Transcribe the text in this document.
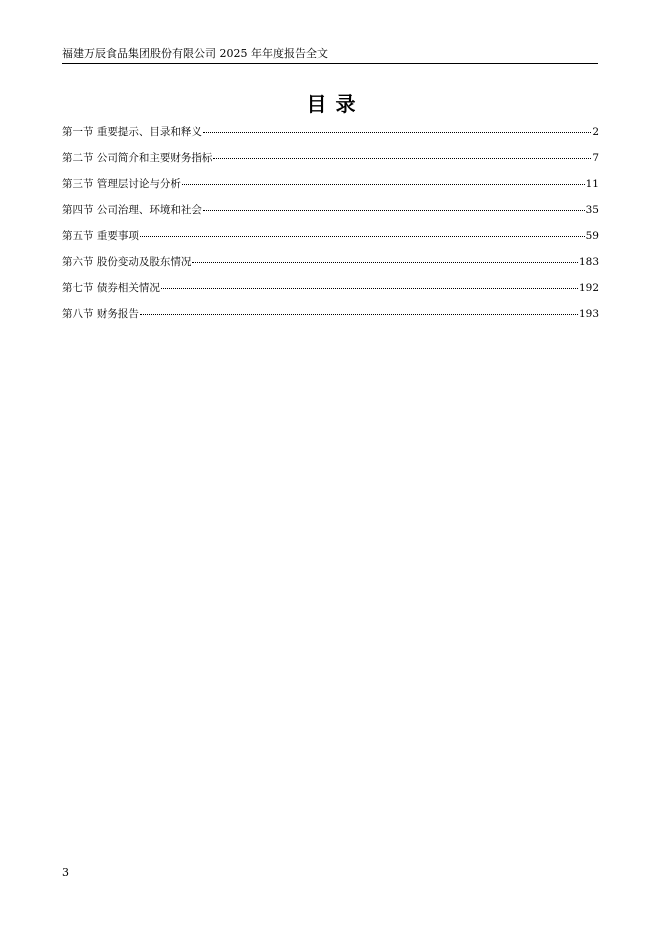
福建万辰食品集团股份有限公司 2025 年年度报告全文
目录
第一节 重要提示、目录和释义	2
第二节 公司简介和主要财务指标	7
第三节 管理层讨论与分析	11
第四节 公司治理、环境和社会	35
第五节 重要事项	59
第六节 股份变动及股东情况	183
第七节 债券相关情况	192
第八节 财务报告	193
3
